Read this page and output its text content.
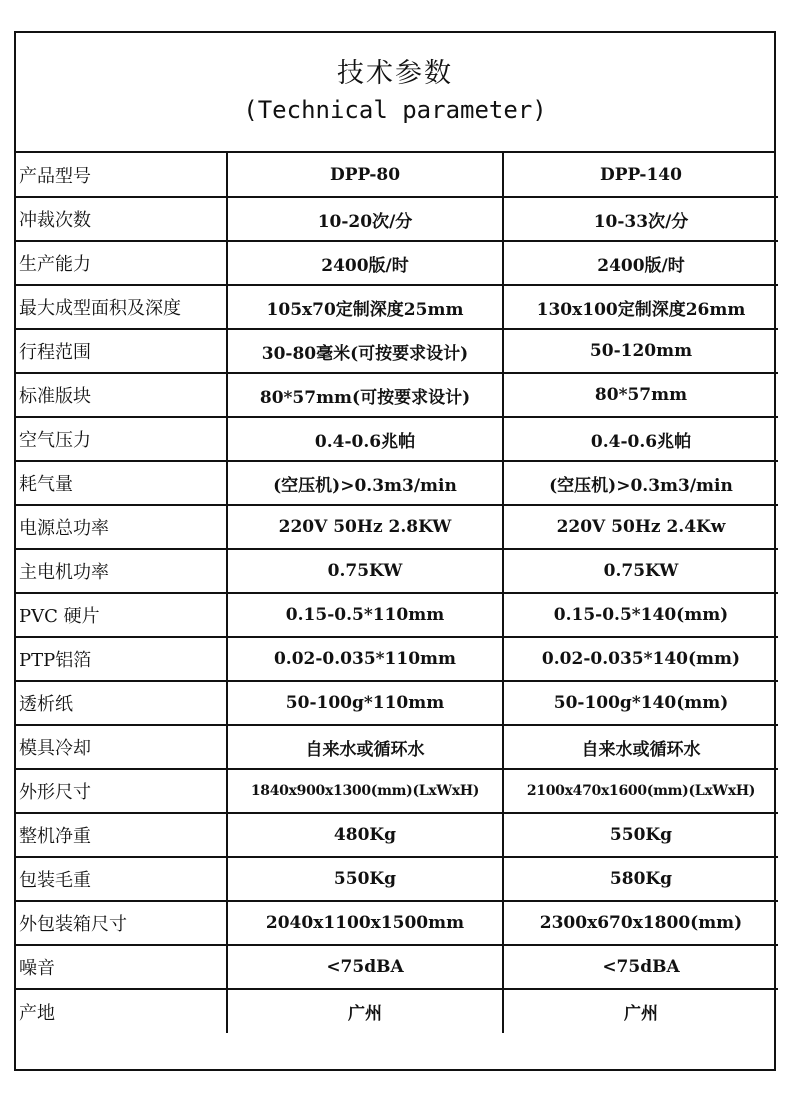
技术参数
(Technical parameter)
产品型号	DPP-80	DPP-140
冲裁次数	10-20次/分	10-33次/分
生产能力	2400版/时	2400版/时
最大成型面积及深度	105x70定制深度25mm	130x100定制深度26mm
行程范围	30-80毫米(可按要求设计)	50-120mm
标准版块	80*57mm(可按要求设计)	80*57mm
空气压力	0.4-0.6兆帕	0.4-0.6兆帕
耗气量	(空压机)>0.3m3/min	(空压机)>0.3m3/min
电源总功率	220V 50Hz 2.8KW	220V 50Hz 2.4Kw
主电机功率	0.75KW	0.75KW
PVC 硬片	0.15-0.5*110mm	0.15-0.5*140(mm)
PTP铝箔	0.02-0.035*110mm	0.02-0.035*140(mm)
透析纸	50-100g*110mm	50-100g*140(mm)
模具冷却	自来水或循环水	自来水或循环水
外形尺寸	1840x900x1300(mm)(LxWxH)	2100x470x1600(mm)(LxWxH)
整机净重	480Kg	550Kg
包装毛重	550Kg	580Kg
外包装箱尺寸	2040x1100x1500mm	2300x670x1800(mm)
噪音	<75dBA	<75dBA
产地	广州	广州
